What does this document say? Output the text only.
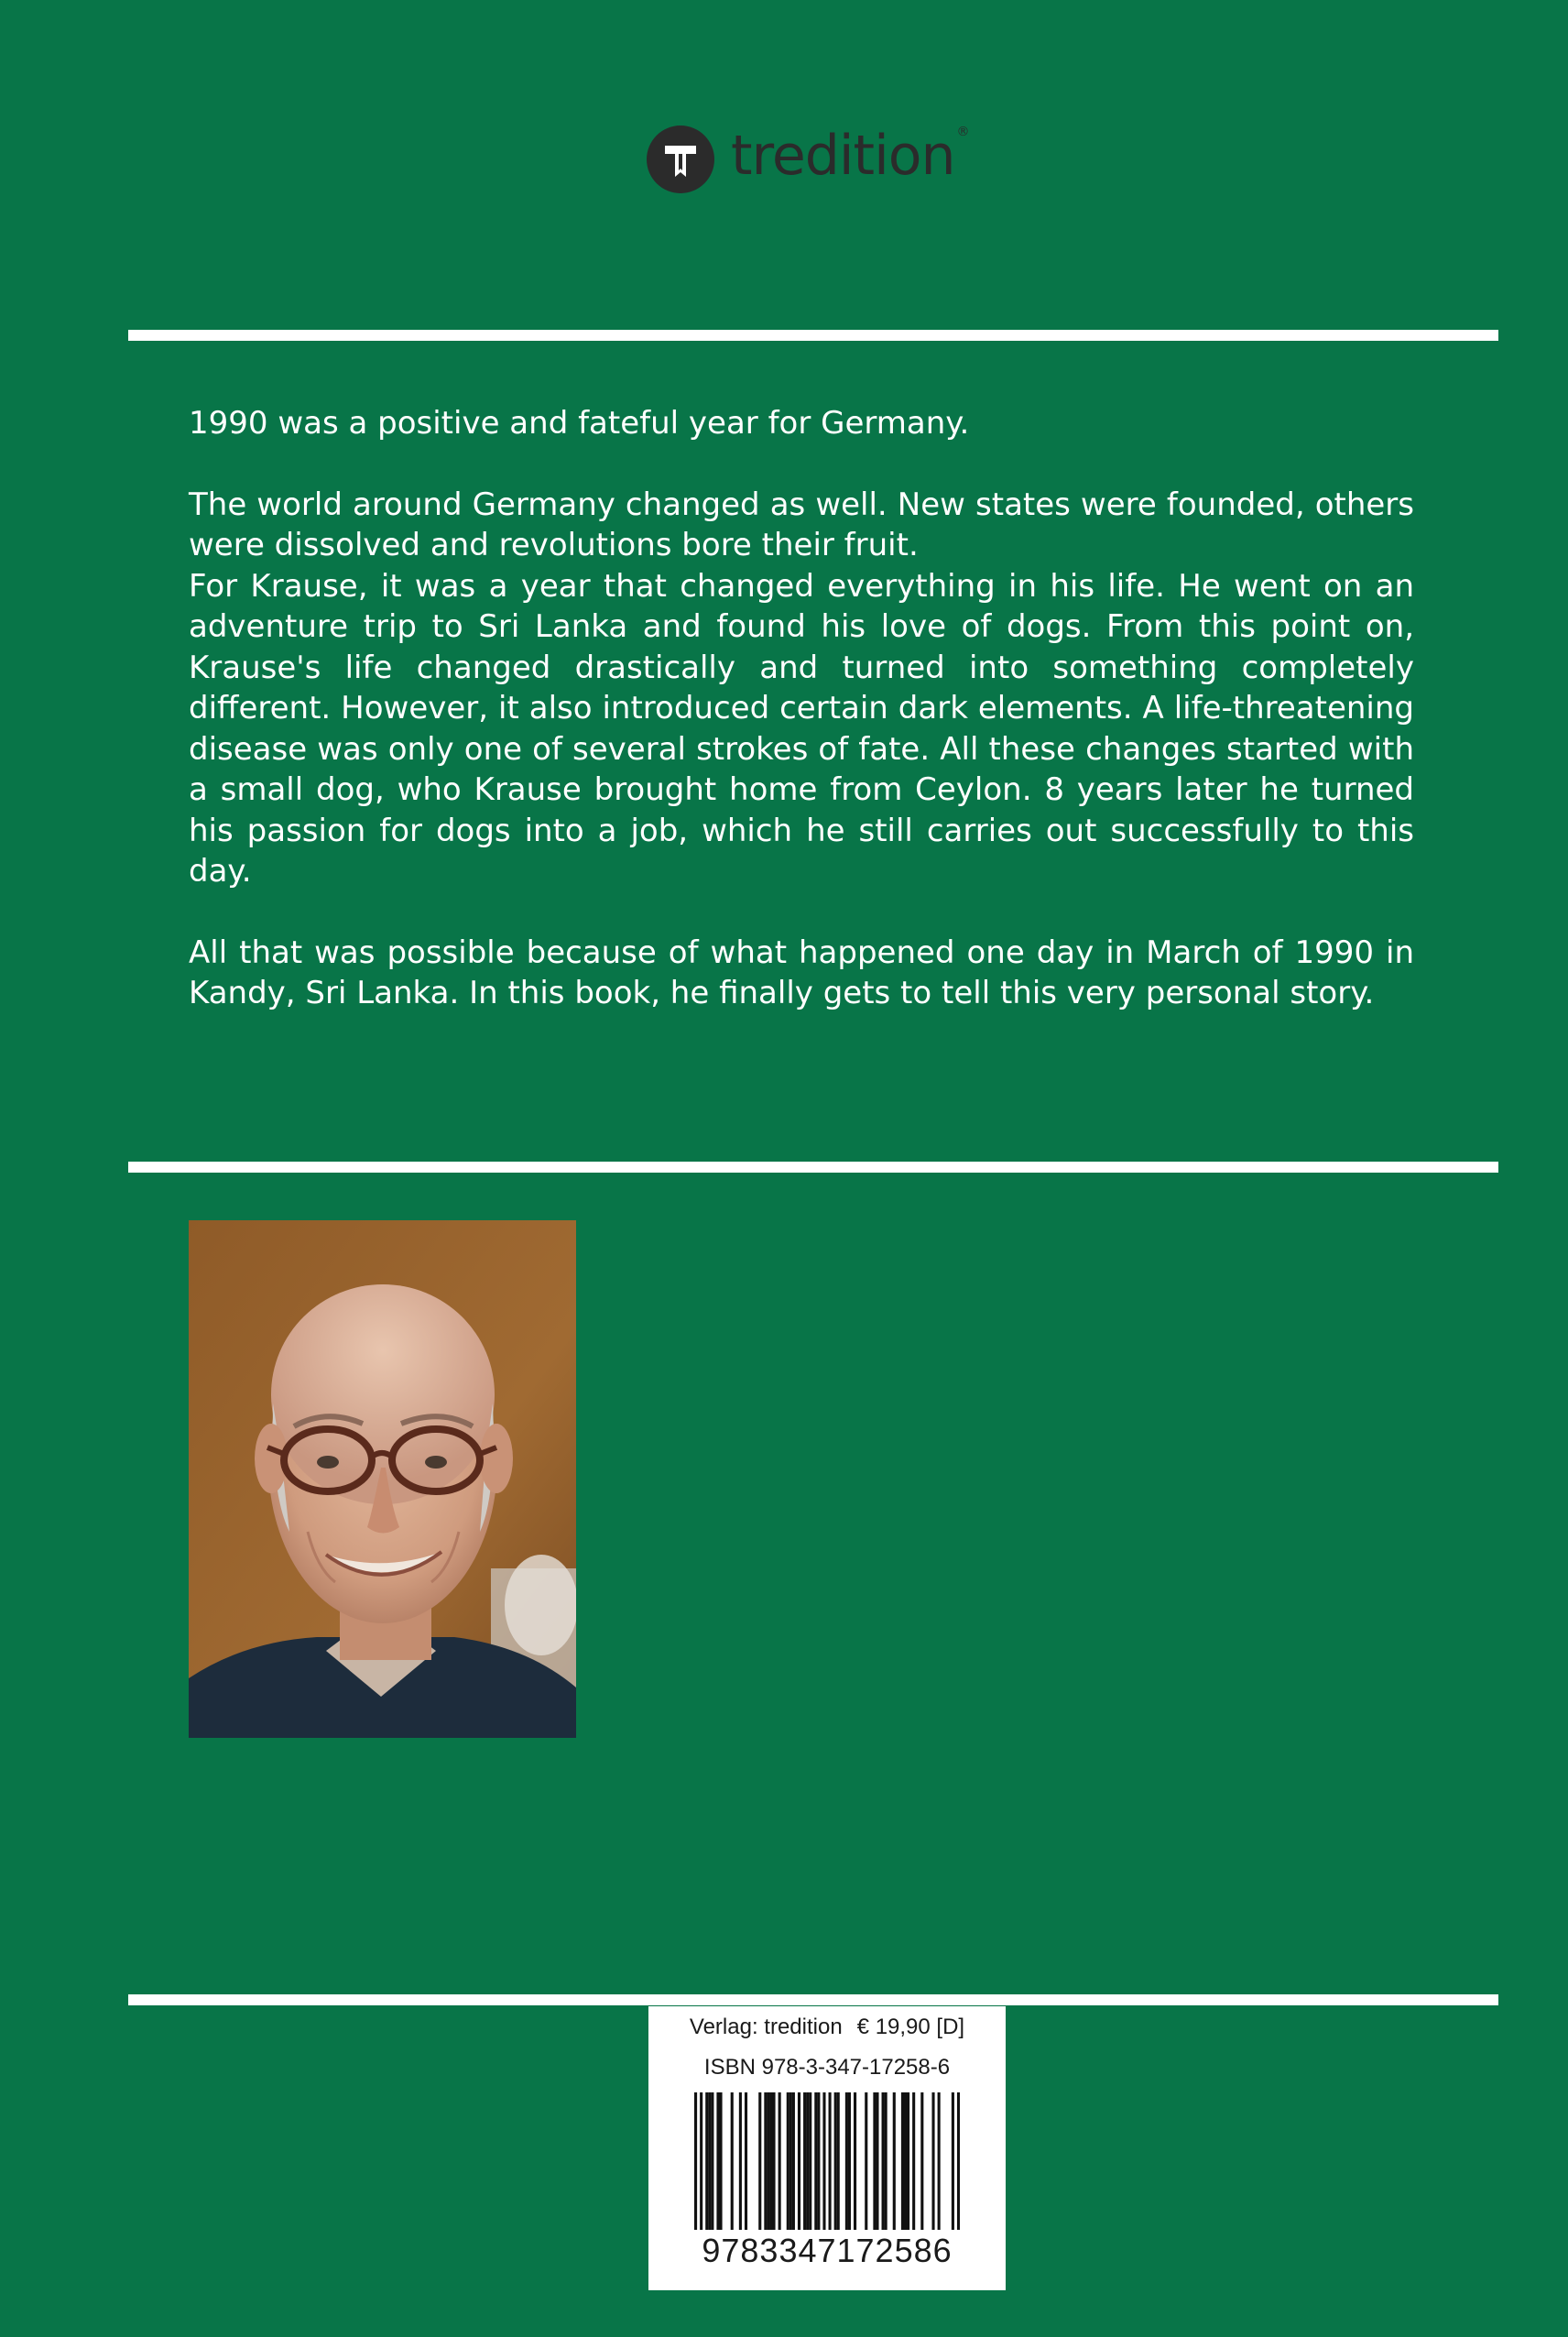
tredition ®

1990 was a positive and fateful year for Germany.

The world around Germany changed as well. New states were founded, others were dissolved and revolutions bore their fruit.

For Krause, it was a year that changed everything in his life. He went on an adventure trip to Sri Lanka and found his love of dogs. From this point on, Krause's life changed drastically and turned into something completely different. However, it also introduced certain dark elements. A life-threatening disease was only one of several strokes of fate. All these changes started with a small dog, who Krause brought home from Ceylon. 8 years later he turned his passion for dogs into a job, which he still carries out successfully to this day.

All that was possible because of what happened one day in March of 1990 in Kandy, Sri Lanka. In this book, he finally gets to tell this very personal story.

Verlag: tredition € 19,90 [D]
ISBN 978-3-347-17258-6
9783347172586
